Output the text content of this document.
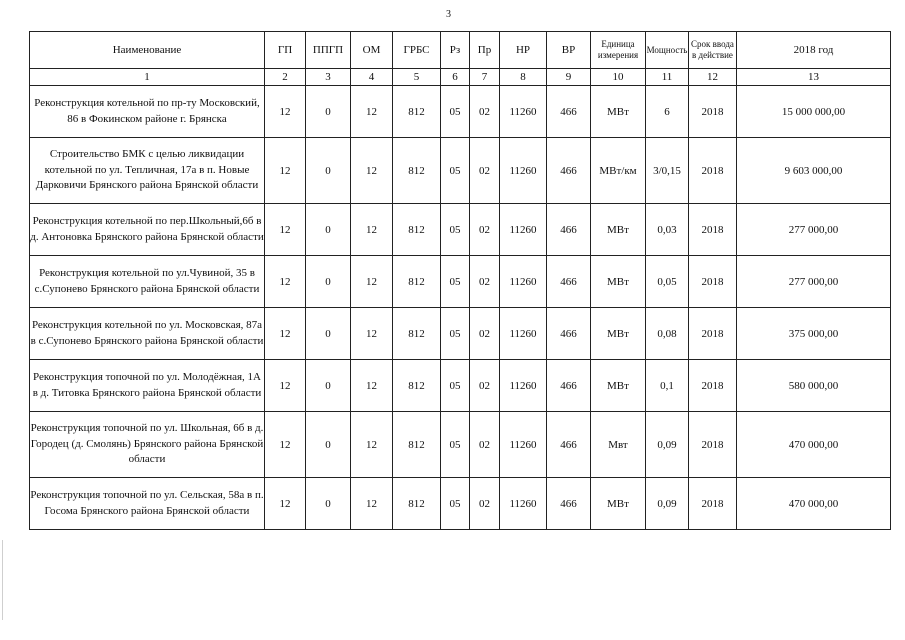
3
Наименование	ГП	ППГП	ОМ	ГРБС	Рз	Пр	НР	ВР	Единица измерения	Мощность	Срок ввода в действие	2018 год
1	2	3	4	5	6	7	8	9	10	11	12	13
Реконструкция котельной по пр-ту Московский, 86 в Фокинском районе г. Брянска	12	0	12	812	05	02	11260	466	МВт	6	2018	15 000 000,00
Строительство БМК с целью ликвидации котельной по ул. Тепличная, 17а в п. Новые Дарковичи Брянского района Брянской области	12	0	12	812	05	02	11260	466	МВт/км	3/0,15	2018	9 603 000,00
Реконструкция котельной по пер.Школьный,6б в д. Антоновка Брянского района Брянской области	12	0	12	812	05	02	11260	466	МВт	0,03	2018	277 000,00
Реконструкция котельной по ул.Чувиной, 35 в с.Супонево Брянского района Брянской области	12	0	12	812	05	02	11260	466	МВт	0,05	2018	277 000,00
Реконструкция котельной по ул. Московская, 87а в с.Супонево Брянского района Брянской области	12	0	12	812	05	02	11260	466	МВт	0,08	2018	375 000,00
Реконструкция топочной по ул. Молодёжная, 1А в д. Титовка Брянского района Брянской области	12	0	12	812	05	02	11260	466	МВт	0,1	2018	580 000,00
Реконструкция топочной по ул. Школьная, 6б в д. Городец (д. Смолянь) Брянского района Брянской области	12	0	12	812	05	02	11260	466	Мвт	0,09	2018	470 000,00
Реконструкция топочной по ул. Сельская, 58а в п. Госома Брянского района Брянской области	12	0	12	812	05	02	11260	466	МВт	0,09	2018	470 000,00
